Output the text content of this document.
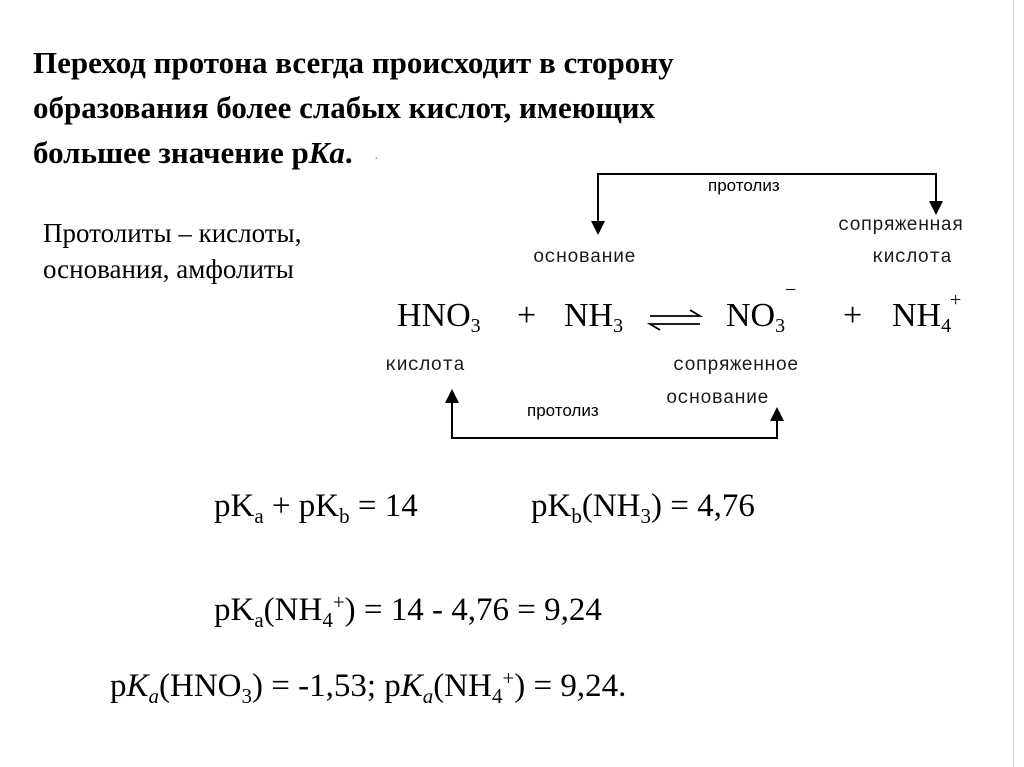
Переход протона всегда происходит в сторону
образования более слабых кислот, имеющих
большее значение pKa. .
Протолиты – кислоты,
основания, амфолиты
протолиз
протолиз
основание
сопряженная
кислота
кислота	сопряженное
основание
$HNO_3 + NH_3$	$NO_3$
−
+ $NH_4$
+
$pK_a + pK_b = 14$	$pK_b(NH_3) = 4,76$
$pK_a(NH_4^+) = 14 - 4,76 = 9,24$
$pK_a(HNO_3) = -1,53$; $pK_a(NH_4^+) = 9,24$.
